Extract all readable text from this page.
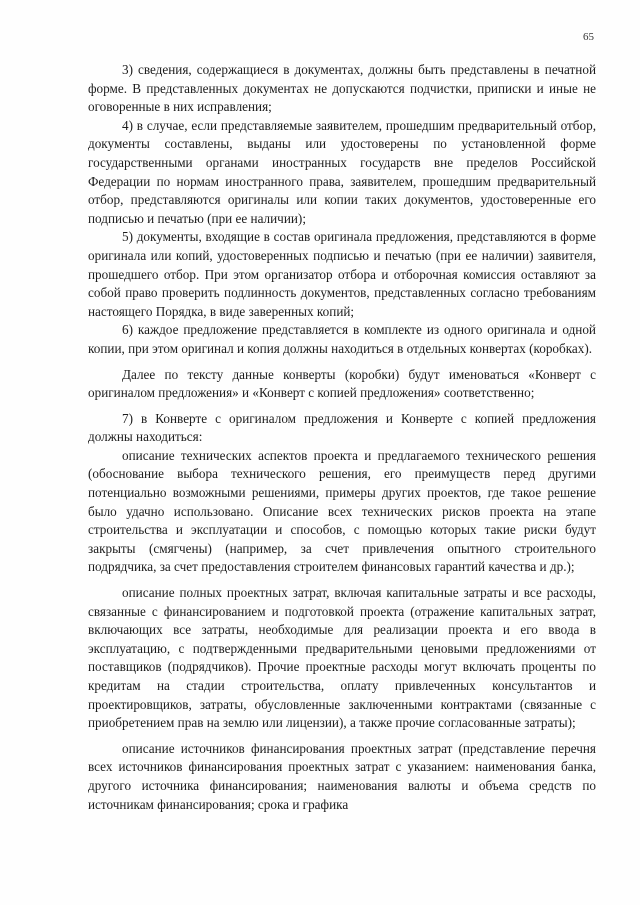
65

3) сведения, содержащиеся в документах, должны быть представлены в печатной форме. В представленных документах не допускаются подчистки, приписки и иные не оговоренные в них исправления;

4) в случае, если представляемые заявителем, прошедшим предварительный отбор, документы составлены, выданы или удостоверены по установленной форме государственными органами иностранных государств вне пределов Российской Федерации по нормам иностранного права, заявителем, прошедшим предварительный отбор, представляются оригиналы или копии таких документов, удостоверенные его подписью и печатью (при ее наличии);

5) документы, входящие в состав оригинала предложения, представляются в форме оригинала или копий, удостоверенных подписью и печатью (при ее наличии) заявителя, прошедшего отбор. При этом организатор отбора и отборочная комиссия оставляют за собой право проверить подлинность документов, представленных согласно требованиям настоящего Порядка, в виде заверенных копий;

6) каждое предложение представляется в комплекте из одного оригинала и одной копии, при этом оригинал и копия должны находиться в отдельных конвертах (коробках).

Далее по тексту данные конверты (коробки) будут именоваться «Конверт с оригиналом предложения» и «Конверт с копией предложения» соответственно;

7) в Конверте с оригиналом предложения и Конверте с копией предложения должны находиться:

описание технических аспектов проекта и предлагаемого технического решения (обоснование выбора технического решения, его преимуществ перед другими потенциально возможными решениями, примеры других проектов, где такое решение было удачно использовано. Описание всех технических рисков проекта на этапе строительства и эксплуатации и способов, с помощью которых такие риски будут закрыты (смягчены) (например, за счет привлечения опытного строительного подрядчика, за счет предоставления строителем финансовых гарантий качества и др.);

описание полных проектных затрат, включая капитальные затраты и все расходы, связанные с финансированием и подготовкой проекта (отражение капитальных затрат, включающих все затраты, необходимые для реализации проекта и его ввода в эксплуатацию, с подтвержденными предварительными ценовыми предложениями от поставщиков (подрядчиков). Прочие проектные расходы могут включать проценты по кредитам на стадии строительства, оплату привлеченных консультантов и проектировщиков, затраты, обусловленные заключенными контрактами (связанные с приобретением прав на землю или лицензии), а также прочие согласованные затраты);

описание источников финансирования проектных затрат (представление перечня всех источников финансирования проектных затрат с указанием: наименования банка, другого источника финансирования; наименования валюты и объема средств по источникам финансирования; срока и графика
